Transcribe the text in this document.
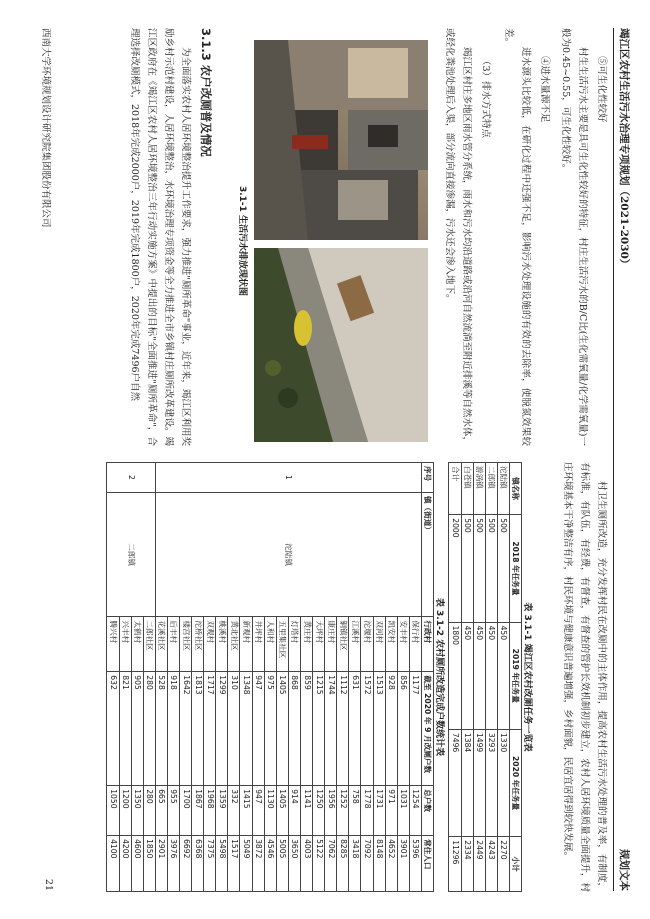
竭江区农村生活污水治理专项规划（2021-2030）
规划文本
⑤可生化性较好
村生生活污水主要是具可生化性较好的特征，村庄生活污水的B/C比(生化需氧量/化学需氧量)一般为0.45~0.55，可生化性较好。
④进水量源不足
进水源头比较低，在研化过程中还强不足，影响污水处理设施的有效的去除率，使脱氮效果较差。
（3）排水方式特点
竭江区村庄多地区雨水管分系统，雨水和污水均沿道路或沿河自然流淌至附近排溪等自然水体，或经化粪池处理后入渠，部分流向直接渗漏，污水还会渗入地下。
3.1-1 生活污水排放现状图
3.1.3 农户改厕普及情况
为全面落实农村人居环境整治提升工作要求，强力推进"厕所革命"事业，近年来，竭江区利用奖励乡村示范村建设，人居环境整治，水环境治理专项资金等全力推进全市乡镇村庄厕所改革建设。竭江区政府在《竭江区农村人居环境整治三年行动实施方案》中提出的目标"全面推进"厕所革命"，合理选择改厕模式，2018年完成2000户，2019年完成1800户，2020年完成7496户自然
西南大学环境规划设计研究院集团股份有限公司
村卫生厕所改造，充分发挥村民在改厕中的主体作用，提高农村生活污水处理的普及率，有制度，有标准，有队伍，有经费，有督查，有督查的管护长效机制初步建立，农村人居环境质量全面提升，村庄环境基本干净整洁有序，村民环境与健康意识普遍增强，乡村面貌，民居宜居得到较快发展。
表 3.1-1 竭江区农村改厕任务一览表
镇名称	2018 年任务量	2019 年任务量	2020 年任务量	小计
沱陆镇	500	450	1330	2270
二郎镇	500	450	3293	4243
游涡镇	500	450	1499	2449
白苍镇	500	450	1384	2334
合计	2000	1800	7496	11296
表 3.1-2 农村厕所改造完成户数统计表
序号	镇（街道）	行政村	截至 2020 年 9 月改厕户数	总户数	常住人口
1	沱陆镇	保行村	1177	1254	5396
		安丰村	856	1031	3901
		凯安村	928	971	4652
		双河村	1513	1731	8148
		沱堰村	1572	1778	7092
		江溪村	631	758	3418
		铜镇社区	1112	1252	8285
		康庄村	1744	1956	7062
		大坪村	1215	1250	5122
		黄庄村	859	1141	4003
		灯塔村	868	914	3650
		五里集社区	1405	1405	5005
		人和村	975	1130	4546
		井坪村	947	947	3872
		新观村	1348	1415	5049
		黄北社区	310	332	1517
		桃溪村	1299	1359	5498
		双观村	1717	1968	7375
		沱桥社区	1813	1867	6368
		楼宫社区	1642	1700	6692
		后丰村	918	955	3976
		花溪社区	528	665	2901
2	二郎镇	二郎社区	280	280	1850
		太鹤村	905	1350	4600
		兴丰村	821	1200	4200
		腾兴村	632	1050	4100
21
